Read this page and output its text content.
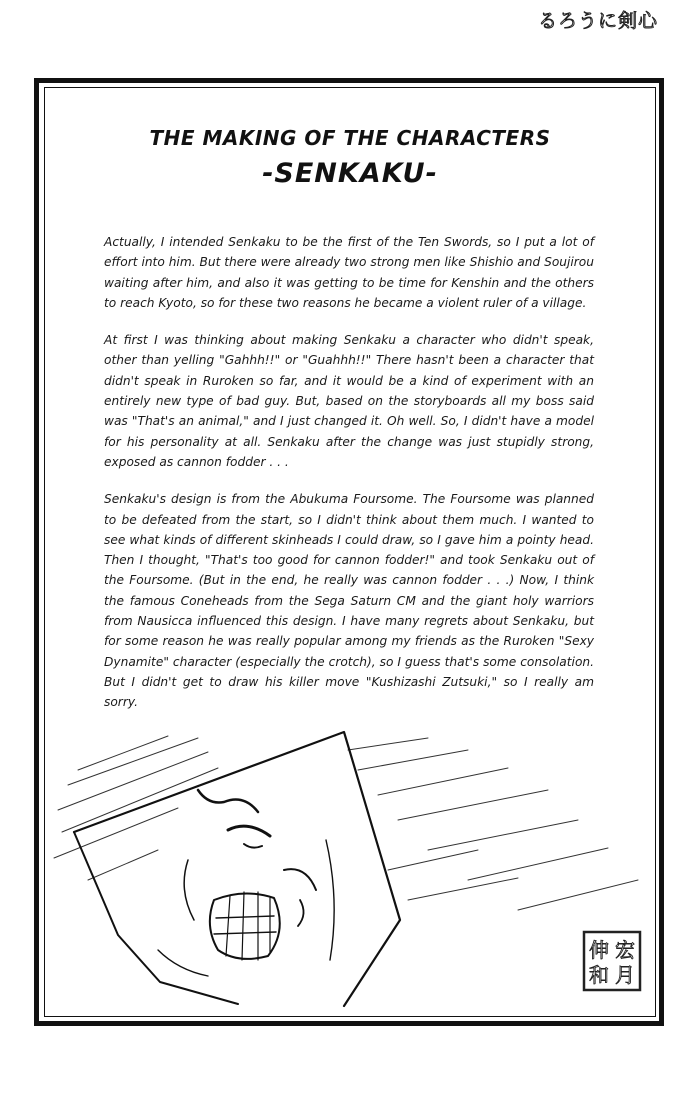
るろうに剣心
THE MAKING OF THE CHARACTERS
-SENKAKU-

Actually, I intended Senkaku to be the first of the Ten Swords, so I put a lot of effort into him. But there were already two strong men like Shishio and Soujirou waiting after him, and also it was getting to be time for Kenshin and the others to reach Kyoto, so for these two reasons he became a violent ruler of a village.

At first I was thinking about making Senkaku a character who didn't speak, other than yelling "Gahhh!!" or "Guahhh!!" There hasn't been a character that didn't speak in Ruroken so far, and it would be a kind of experiment with an entirely new type of bad guy. But, based on the storyboards all my boss said was "That's an animal," and I just changed it. Oh well. So, I didn't have a model for his personality at all. Senkaku after the change was just stupidly strong, exposed as cannon fodder . . .

Senkaku's design is from the Abukuma Foursome. The Foursome was planned to be defeated from the start, so I didn't think about them much. I wanted to see what kinds of different skinheads I could draw, so I gave him a pointy head. Then I thought, "That's too good for cannon fodder!" and took Senkaku out of the Foursome. (But in the end, he really was cannon fodder . . .) Now, I think the famous Coneheads from the Sega Saturn CM and the giant holy warriors from Nausicca influenced this design. I have many regrets about Senkaku, but for some reason he was really popular among my friends as the Ruroken "Sexy Dynamite" character (especially the crotch), so I guess that's some consolation. But I didn't get to draw his killer move "Kushizashi Zutsuki," so I really am sorry.

伸宏
和月
